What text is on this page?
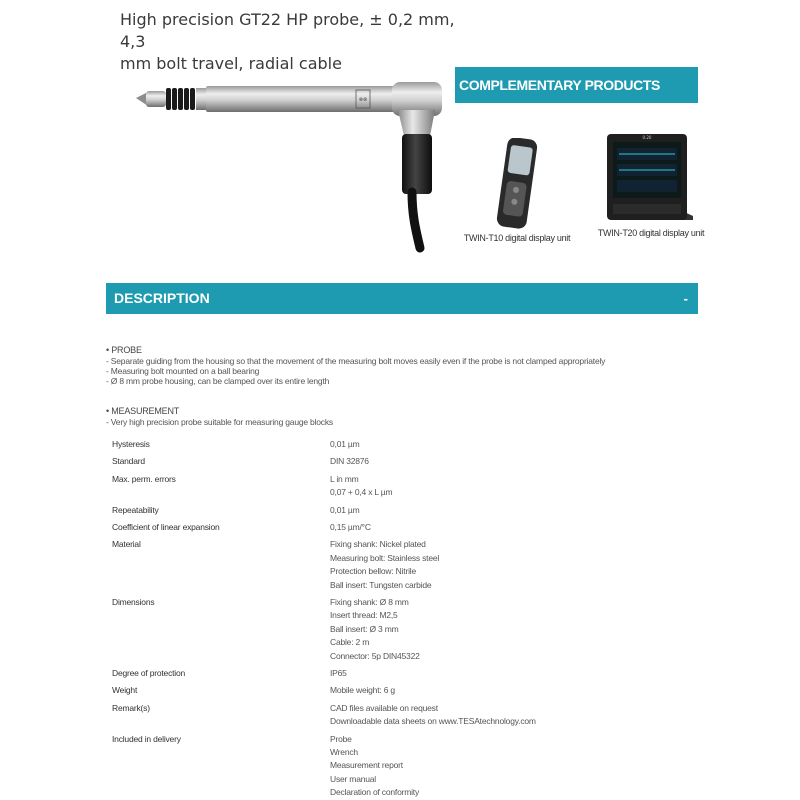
High precision GT22 HP probe, ± 0,2 mm, 4,3
mm bolt travel, radial cable
⊗⊗
COMPLEMENTARY PRODUCTS
TWIN-T10 digital display unit
0.20
TWIN-T20 digital display unit
DESCRIPTION	-
• PROBE
- Separate guiding from the housing so that the movement of the measuring bolt moves easily even if the probe is not clamped appropriately
- Measuring bolt mounted on a ball bearing
- Ø 8 mm probe housing, can be clamped over its entire length
• MEASUREMENT
- Very high precision probe suitable for measuring gauge blocks
Hysteresis	0,01 µm
Standard	DIN 32876
Max. perm. errors	L in mm
0,07 + 0,4 x L µm
Repeatability	0,01 µm
Coefficient of linear expansion	0,15 µm/°C
Material	Fixing shank: Nickel plated
Measuring bolt: Stainless steel
Protection bellow: Nitrile
Ball insert: Tungsten carbide
Dimensions	Fixing shank: Ø 8 mm
Insert thread: M2,5
Ball insert: Ø 3 mm
Cable: 2 m
Connector: 5p DIN45322
Degree of protection	IP65
Weight	Mobile weight: 6 g
Remark(s)	CAD files available on request
Downloadable data sheets on www.TESAtechnology.com
Included in delivery	Probe
Wrench
Measurement report
User manual
Declaration of conformity
